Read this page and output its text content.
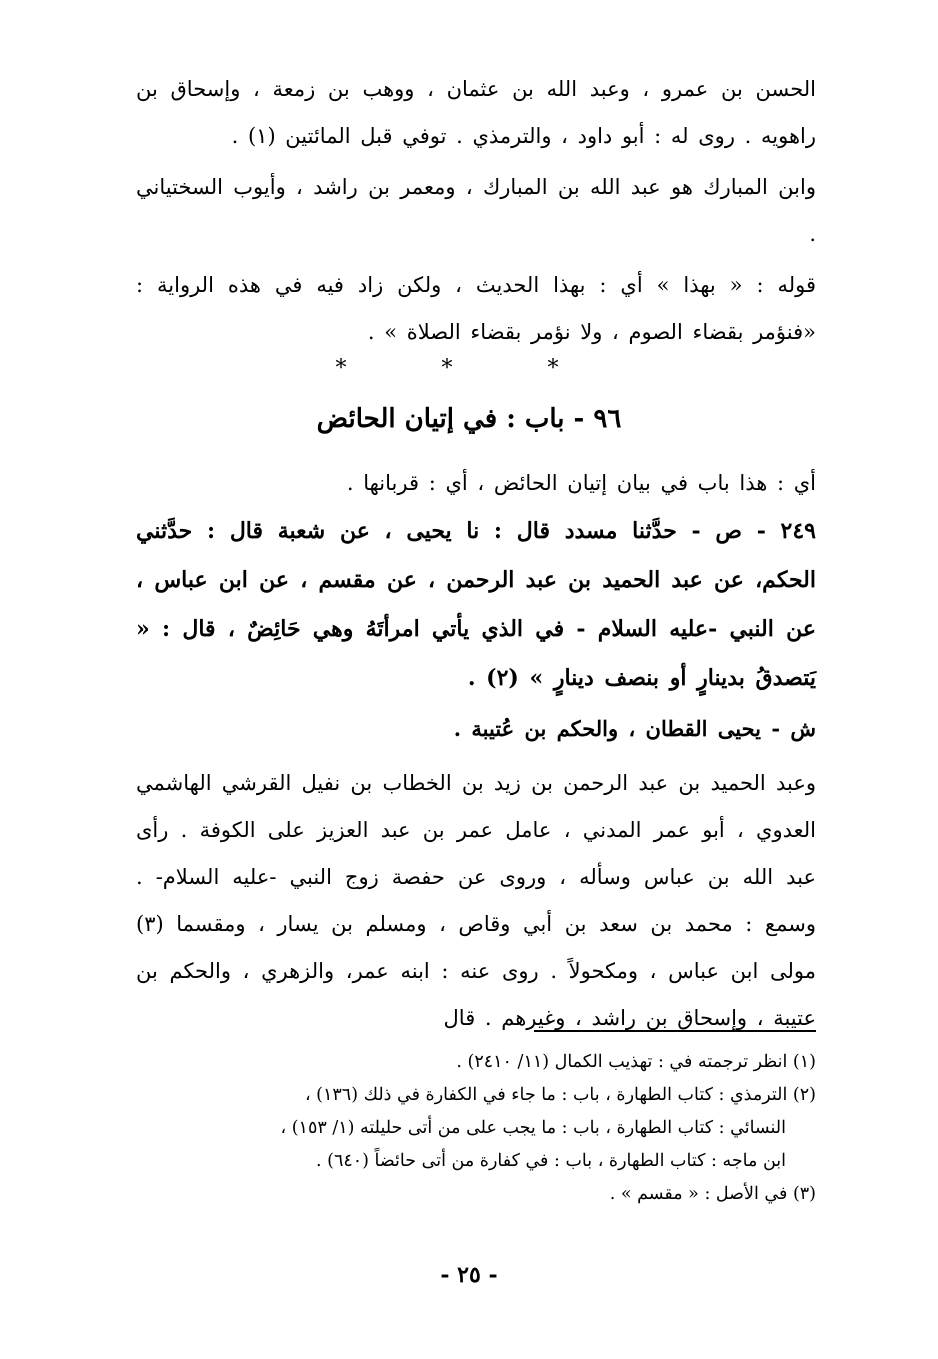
الحسن بن عمرو ، وعبد الله بن عثمان ، ووهب بن زمعة ، وإسحاق بن راهويه . روى له : أبو داود ، والترمذي . توفي قبل المائتين (١) .

وابن المبارك هو عبد الله بن المبارك ، ومعمر بن راشد ، وأيوب السختياني .

قوله : « بهذا » أي : بهذا الحديث ، ولكن زاد فيه في هذه الرواية : «فنؤمر بقضاء الصوم ، ولا نؤمر بقضاء الصلاة » .

* * *
٩٦ - باب : في إتيان الحائض

أي : هذا باب في بيان إتيان الحائض ، أي : قربانها .

٢٤٩ - ص - حدَّثنا مسدد قال : نا يحيى ، عن شعبة قال : حدَّثني الحكم، عن عبد الحميد بن عبد الرحمن ، عن مقسم ، عن ابن عباس ، عن النبي -عليه السلام - في الذي يأتي امرأتَهُ وهي حَائِضٌ ، قال : « يَتصدقُ بدينارٍ أو بنصف دينارٍ » (٢) .

ش - يحيى القطان ، والحكم بن عُتيبة .

وعبد الحميد بن عبد الرحمن بن زيد بن الخطاب بن نفيل القرشي الهاشمي العدوي ، أبو عمر المدني ، عامل عمر بن عبد العزيز على الكوفة . رأى عبد الله بن عباس وسأله ، وروى عن حفصة زوج النبي -عليه السلام- . وسمع : محمد بن سعد بن أبي وقاص ، ومسلم بن يسار ، ومقسما (٣) مولى ابن عباس ، ومكحولاً . روى عنه : ابنه عمر، والزهري ، والحكم بن عتيبة ، وإسحاق بن راشد ، وغيرهم . قال

(١) انظر ترجمته في : تهذيب الكمال (١١/ ٢٤١٠) .

(٢) الترمذي : كتاب الطهارة ، باب : ما جاء في الكفارة في ذلك (١٣٦) ،

النسائي : كتاب الطهارة ، باب : ما يجب على من أتى حليلته (١/ ١٥٣) ،

ابن ماجه : كتاب الطهارة ، باب : في كفارة من أتى حائضاً (٦٤٠) .

(٣) في الأصل : « مقسم » .

- ٢٥ -
